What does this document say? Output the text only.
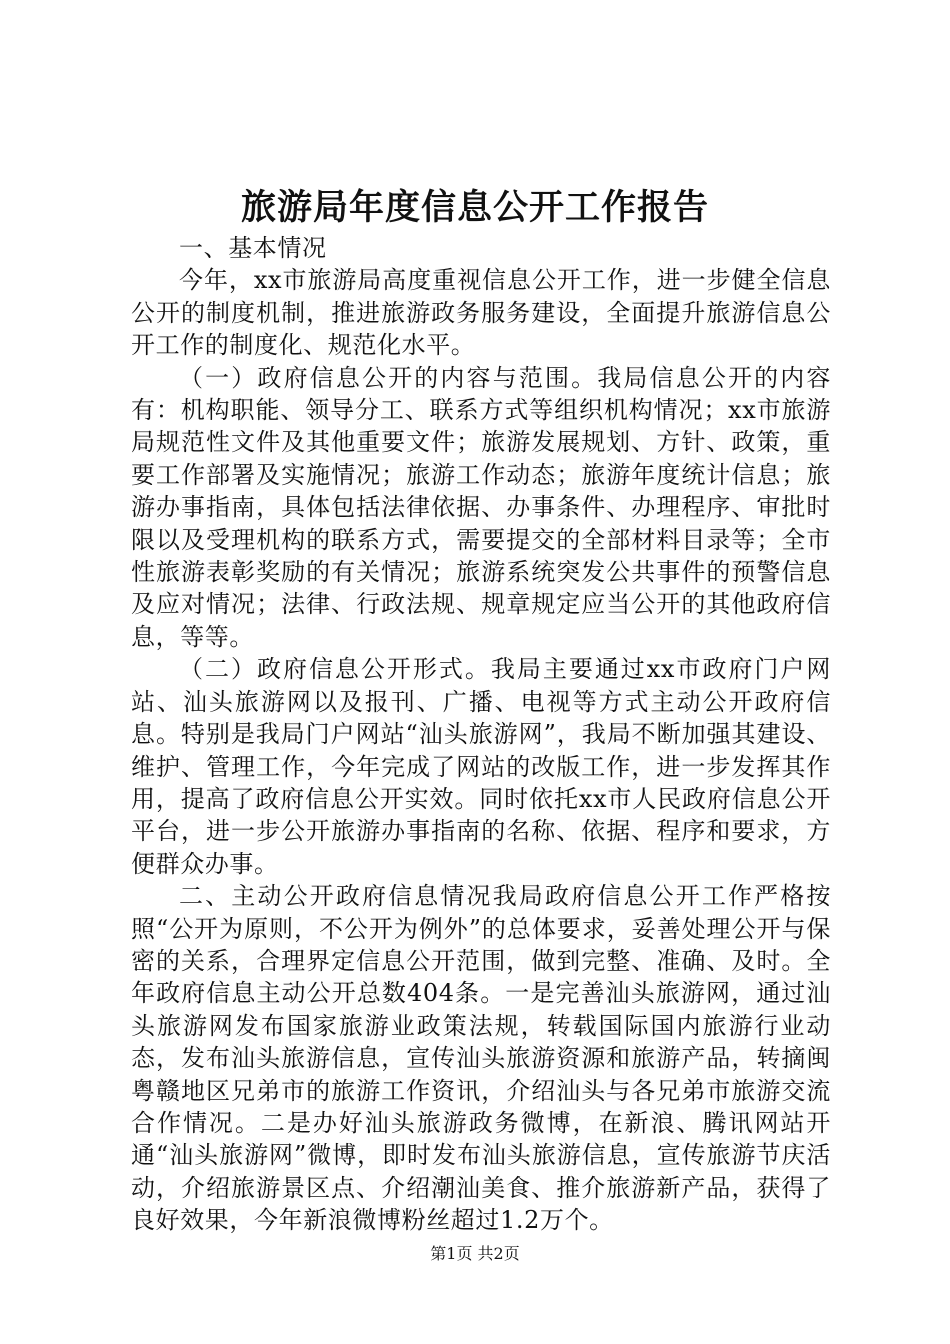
旅游局年度信息公开工作报告

一、基本情况

今年，xx市旅游局高度重视信息公开工作，进一步健全信息公开的制度机制，推进旅游政务服务建设，全面提升旅游信息公开工作的制度化、规范化水平。

（一）政府信息公开的内容与范围。我局信息公开的内容有：机构职能、领导分工、联系方式等组织机构情况；xx市旅游局规范性文件及其他重要文件；旅游发展规划、方针、政策，重要工作部署及实施情况；旅游工作动态；旅游年度统计信息；旅游办事指南，具体包括法律依据、办事条件、办理程序、审批时限以及受理机构的联系方式，需要提交的全部材料目录等；全市性旅游表彰奖励的有关情况；旅游系统突发公共事件的预警信息及应对情况；法律、行政法规、规章规定应当公开的其他政府信息，等等。

（二）政府信息公开形式。我局主要通过xx市政府门户网站、汕头旅游网以及报刊、广播、电视等方式主动公开政府信息。特别是我局门户网站“汕头旅游网”，我局不断加强其建设、维护、管理工作，今年完成了网站的改版工作，进一步发挥其作用，提高了政府信息公开实效。同时依托xx市人民政府信息公开平台，进一步公开旅游办事指南的名称、依据、程序和要求，方便群众办事。

二、主动公开政府信息情况我局政府信息公开工作严格按照“公开为原则，不公开为例外”的总体要求，妥善处理公开与保密的关系，合理界定信息公开范围，做到完整、准确、及时。全年政府信息主动公开总数404条。一是完善汕头旅游网，通过汕头旅游网发布国家旅游业政策法规，转载国际国内旅游行业动态，发布汕头旅游信息，宣传汕头旅游资源和旅游产品，转摘闽粤赣地区兄弟市的旅游工作资讯，介绍汕头与各兄弟市旅游交流合作情况。二是办好汕头旅游政务微博，在新浪、腾讯网站开通“汕头旅游网”微博，即时发布汕头旅游信息，宣传旅游节庆活动，介绍旅游景区点、介绍潮汕美食、推介旅游新产品，获得了良好效果，今年新浪微博粉丝超过1.2万个。

第1页 共2页
